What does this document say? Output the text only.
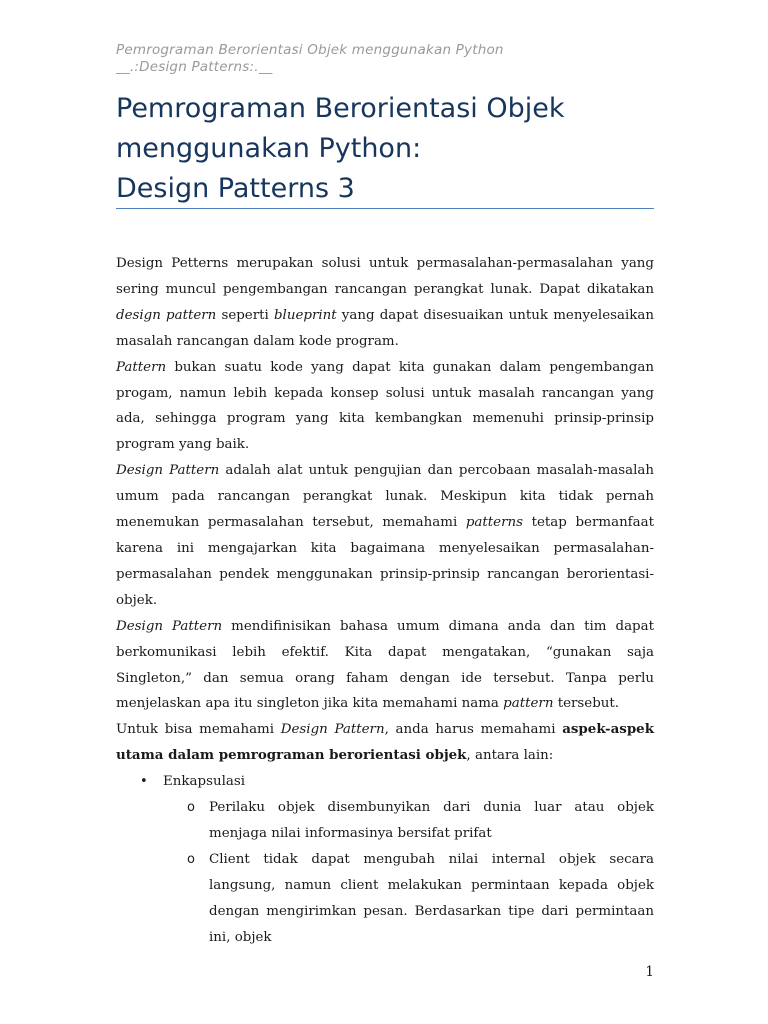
Pemrograman Berorientasi Objek menggunakan Python
__.:Design Patterns:.__
Pemrograman Berorientasi Objek
menggunakan Python:
Design Patterns 3

Design Petterns merupakan solusi untuk permasalahan-permasalahan yang sering muncul pengembangan rancangan perangkat lunak. Dapat dikatakan design pattern seperti blueprint yang dapat disesuaikan untuk menyelesaikan masalah rancangan dalam kode program.

Pattern bukan suatu kode yang dapat kita gunakan dalam pengembangan progam, namun lebih kepada konsep solusi untuk masalah rancangan yang ada, sehingga program yang kita kembangkan memenuhi prinsip-prinsip program yang baik.

Design Pattern adalah alat untuk pengujian dan percobaan masalah-masalah umum pada rancangan perangkat lunak. Meskipun kita tidak pernah menemukan permasalahan tersebut, memahami patterns tetap bermanfaat karena ini mengajarkan kita bagaimana menyelesaikan permasalahan-permasalahan pendek menggunakan prinsip-prinsip rancangan berorientasi-objek.

Design Pattern mendifinisikan bahasa umum dimana anda dan tim dapat berkomunikasi lebih efektif. Kita dapat mengatakan, “gunakan saja Singleton,” dan semua orang faham dengan ide tersebut. Tanpa perlu menjelaskan apa itu singleton jika kita memahami nama pattern tersebut.

Untuk bisa memahami Design Pattern, anda harus memahami aspek-aspek utama dalam pemrograman berorientasi objek, antara lain:

• Enkapsulasi
o Perilaku objek disembunyikan dari dunia luar atau objek menjaga nilai informasinya bersifat prifat
o Client tidak dapat mengubah nilai internal objek secara langsung, namun client melakukan permintaan kepada objek dengan mengirimkan pesan. Berdasarkan tipe dari permintaan ini, objek
1
